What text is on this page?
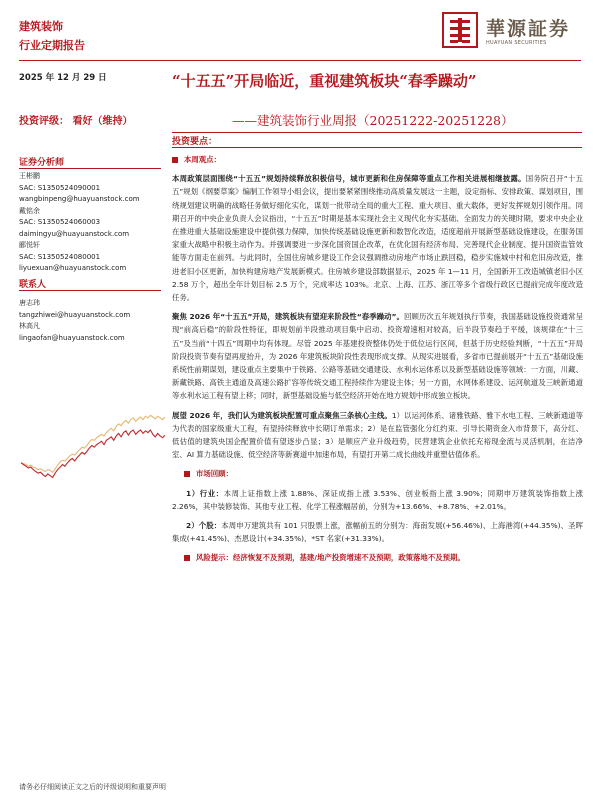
建筑装饰
行业定期报告
華源証券
HUAYUAN SECURITIES
2025 年 12 月 29 日	“十五五”开局临近，重视建筑板块“春季躁动”
投资评级： 看好（维持）	——建筑装饰行业周报（20251222-20251228）
投资要点：
证券分析师
王彬鹏
SAC: S1350524090001
wangbinpeng@huayuanstock.com
戴铭余
SAC: S1350524060003
daimingyu@huayuanstock.com
郦悦轩
SAC: S1350524080001
liyuexuan@huayuanstock.com
联系人
唐志玮
tangzhiwei@huayuanstock.com
林高凡
lingaofan@huayuanstock.com

本周观点：

本周政策层面围绕“十五五”规划持续释放积极信号，城市更新和住房保障等重点工作相关进展相继披露。国务院召开“十五五”规划《纲要草案》编制工作领导小组会议，提出要紧紧围绕推动高质量发展这一主题，设定指标、安排政策、谋划项目，围绕规划建议明确的战略任务做好细化实化，谋划一批带动全局的重大工程、重大项目、重大载体，更好发挥规划引领作用。同期召开的中央企业负责人会议指出，“十五五”时期是基本实现社会主义现代化夯实基础、全面发力的关键时期，要求中央企业在推进重大基础设施建设中提供强力保障，加快传统基础设施更新和数智化改造，适度超前开展新型基础设施建设，在服务国家重大战略中积极主动作为。并强调要进一步深化国资国企改革，在优化国有经济布局、完善现代企业制度、提升国资监管效能等方面走在前列。与此同时，全国住房城乡建设工作会议强调推动房地产市场止跌回稳，稳步实施城中村和危旧房改造，推进老旧小区更新，加快构建房地产发展新模式。住房城乡建设部数据显示，2025 年 1—11 月，全国新开工改造城镇老旧小区 2.58 万个，超出全年计划目标 2.5 万个，完成率达 103%。北京、上海、江苏、浙江等多个省级行政区已提前完成年度改造任务。

聚焦 2026 年“十五五”开局，建筑板块有望迎来阶段性“春季躁动”。回顾历次五年规划执行节奏，我国基础设施投资通常呈现“前高后稳”的阶段性特征，即规划前半段推动项目集中启动、投资增速相对较高，后半段节奏趋于平缓，该规律在“十三五”及当前“十四五”周期中均有体现。尽管 2025 年基建投资整体仍处于低位运行区间，但基于历史经验判断，“十五五”开局阶段投资节奏有望再度抬升，为 2026 年建筑板块阶段性表现形成支撑。从现实进展看，多省市已提前展开“十五五”基础设施系统性前期谋划，建设重点主要集中于铁路、公路等基础交通建设、水利水运体系以及新型基础设施等领域：一方面，川藏、新藏铁路、高铁主通道及高速公路扩容等传统交通工程持续作为建设主体；另一方面，水网体系建设、运河航道及三峡新通道等水利水运工程有望上移；同时，新型基础设施与低空经济开始在地方规划中形成独立板块。

展望 2026 年，我们认为建筑板块配置可重点聚焦三条核心主线。1）以运河体系、诸雅铁路、雅下水电工程、三峡新通道等为代表的国家级重大工程，有望持续释放中长期订单需求；2）是在监管强化分红约束、引导长期资金入市背景下，高分红、低估值的建筑央国企配置价值有望逐步凸显；3）是顺应产业升级趋势，民营建筑企业依托充裕现金流与灵活机制，在洁净室、AI 算力基础设施、低空经济等新赛道中加速布局，有望打开第二成长曲线并重塑估值体系。

市场回顾：

1）行业：本周上证指数上涨 1.88%、深证成指上涨 3.53%、创业板指上涨 3.90%；同期申万建筑装饰指数上涨 2.26%，其中装修装饰、其他专业工程、化学工程涨幅居前，分别为+13.66%、+8.78%、+2.01%。

2）个股：本周申万建筑共有 101 只股票上涨，涨幅前五的分别为：海南发展(+56.46%)、上海港湾(+44.35%)、圣晖集成(+41.45%)、杰恩设计(+34.35%)、*ST 名家(+31.33%)。

风险提示：经济恢复不及预期，基建/地产投资增速不及预期，政策落地不及预期。

请务必仔细阅读正文之后的评级说明和重要声明
